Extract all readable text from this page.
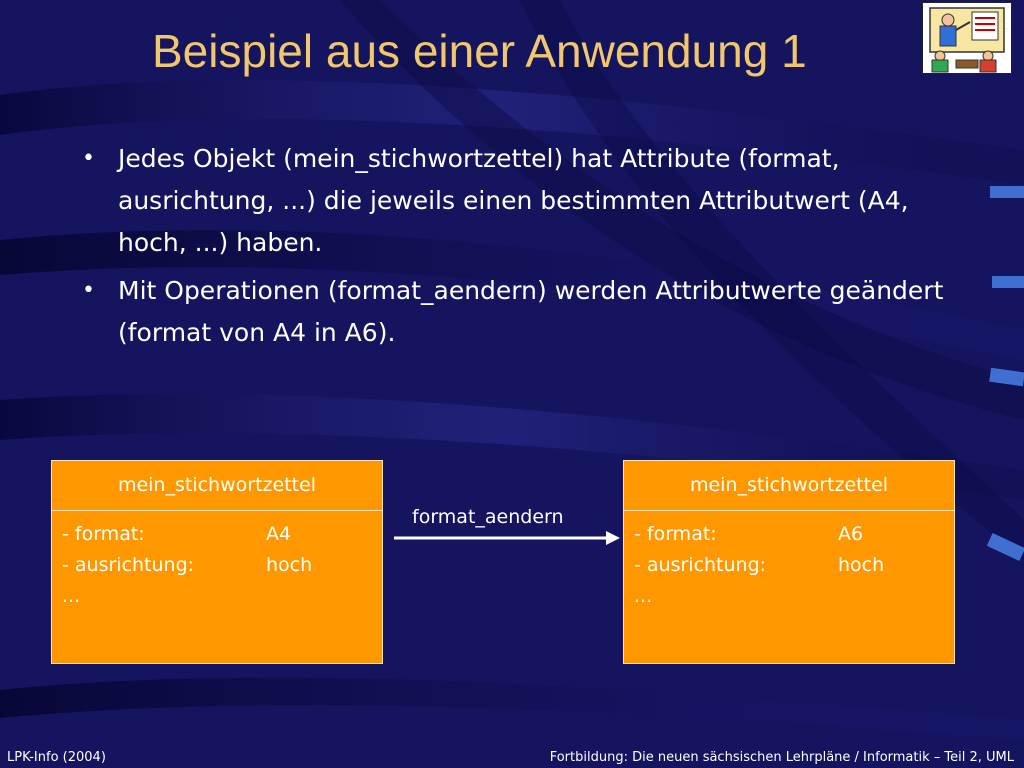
Beispiel aus einer Anwendung 1
• Jedes Objekt (mein_stichwortzettel) hat Attribute (format, ausrichtung, ...) die jeweils einen bestimmten Attributwert (A4, hoch, ...) haben.
• Mit Operationen (format_aendern) werden Attributwerte geändert (format von A4 in A6).
mein_stichwortzettel
- format:	A4
- ausrichtung:	hoch
...
format_aendern
mein_stichwortzettel
- format:	A6
- ausrichtung:	hoch
...
LPK-Info (2004)	Fortbildung: Die neuen sächsischen Lehrpläne / Informatik – Teil 2, UML
